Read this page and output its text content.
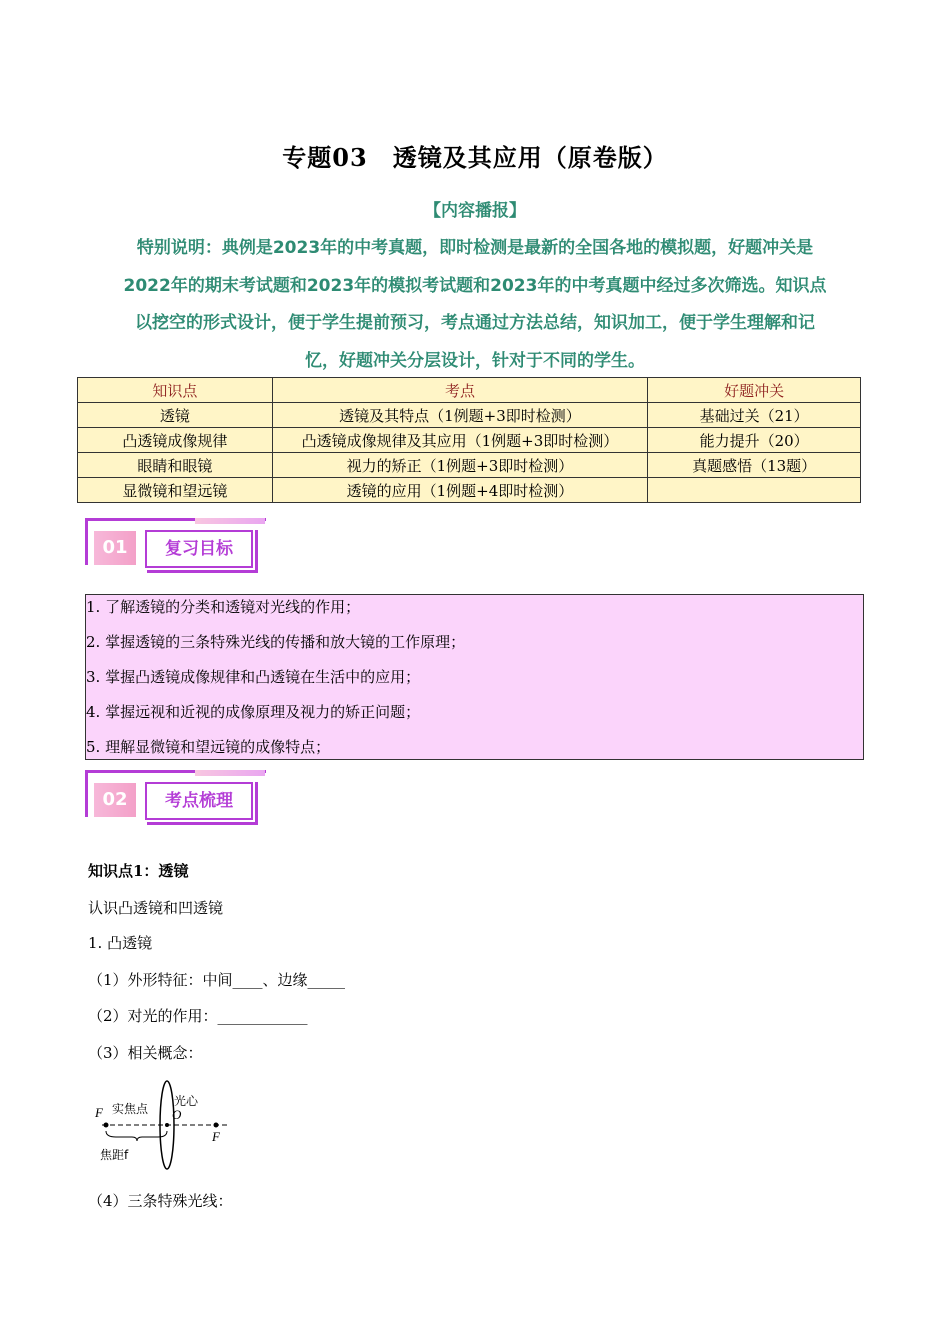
专题03　透镜及其应用（原卷版）
【内容播报】
特别说明：典例是2023年的中考真题，即时检测是最新的全国各地的模拟题，好题冲关是
2022年的期末考试题和2023年的模拟考试题和2023年的中考真题中经过多次筛选。知识点
以挖空的形式设计，便于学生提前预习，考点通过方法总结，知识加工，便于学生理解和记
忆，好题冲关分层设计，针对于不同的学生。
知识点	考点	好题冲关
透镜	透镜及其特点（1例题+3即时检测）	基础过关（21）
凸透镜成像规律	凸透镜成像规律及其应用（1例题+3即时检测）	能力提升（20）
眼睛和眼镜	视力的矫正（1例题+3即时检测）	真题感悟（13题）
显微镜和望远镜	透镜的应用（1例题+4即时检测）	
01	复习目标
1. 了解透镜的分类和透镜对光线的作用；
2. 掌握透镜的三条特殊光线的传播和放大镜的工作原理；
3. 掌握凸透镜成像规律和凸透镜在生活中的应用；
4. 掌握远视和近视的成像原理及视力的矫正问题；
5. 理解显微镜和望远镜的成像特点；
02	考点梳理
知识点1：透镜
认识凸透镜和凹透镜
1. 凸透镜
（1）外形特征：中间____、边缘_____
（2）对光的作用：____________
（3）相关概念：
F 实焦点
光心
O
F
焦距f
（4）三条特殊光线：
